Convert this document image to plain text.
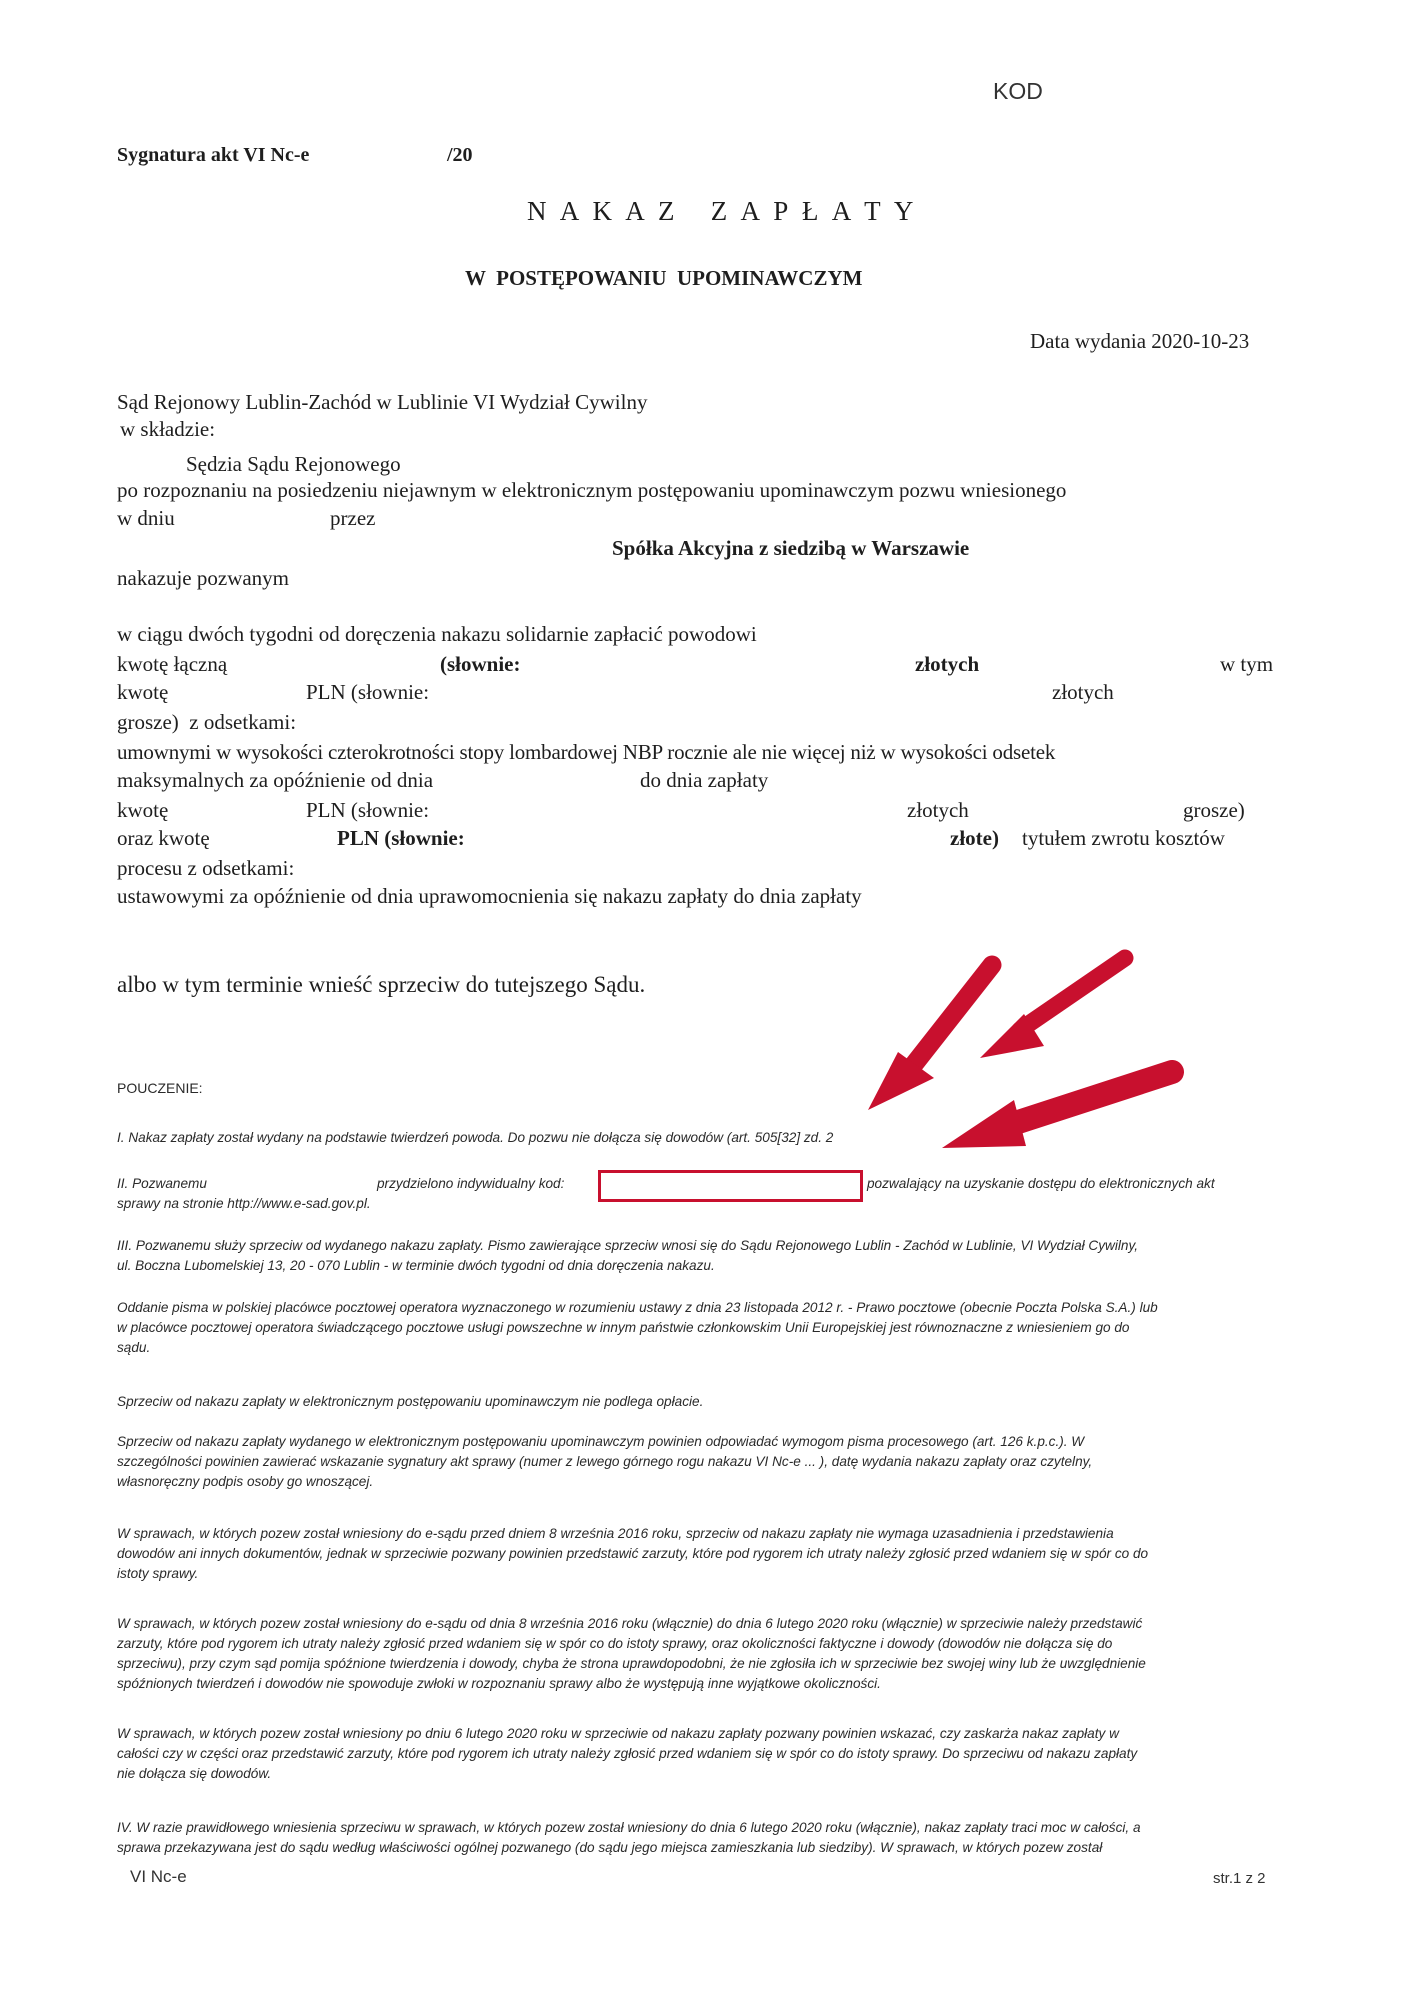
KOD
Sygnatura akt VI Nc-e	/20
N A K A Z   Z A P Ł A T Y
W  POSTĘPOWANIU  UPOMINAWCZYM
Data wydania 2020-10-23
Sąd Rejonowy Lublin-Zachód w Lublinie VI Wydział Cywilny
w składzie:
Sędzia Sądu Rejonowego
po rozpoznaniu na posiedzeniu niejawnym w elektronicznym postępowaniu upominawczym pozwu wniesionego
w dniu	przez
Spółka Akcyjna z siedzibą w Warszawie
nakazuje pozwanym
w ciągu dwóch tygodni od doręczenia nakazu solidarnie zapłacić powodowi
kwotę łączną	(słownie:	złotych	w tym
kwotę	PLN (słownie:	złotych
grosze)  z odsetkami:
umownymi w wysokości czterokrotności stopy lombardowej NBP rocznie ale nie więcej niż w wysokości odsetek
maksymalnych za opóźnienie od dnia	do dnia zapłaty
kwotę	PLN (słownie:	złotych	grosze)
oraz kwotę	PLN (słownie:	złote) tytułem zwrotu kosztów
procesu z odsetkami:
ustawowymi za opóźnienie od dnia uprawomocnienia się nakazu zapłaty do dnia zapłaty
albo w tym terminie wnieść sprzeciw do tutejszego Sądu.
POUCZENIE:

I. Nakaz zapłaty został wydany na podstawie twierdzeń powoda. Do pozwu nie dołącza się dowodów (art. 505[32] zd. 2

II. Pozwanemu	przydzielono indywidualny kod:	pozwalający na uzyskanie dostępu do elektronicznych akt

sprawy na stronie http://www.e-sad.gov.pl.

III. Pozwanemu służy sprzeciw od wydanego nakazu zapłaty. Pismo zawierające sprzeciw wnosi się do Sądu Rejonowego Lublin - Zachód w Lublinie, VI Wydział Cywilny,

ul. Boczna Lubomelskiej 13, 20 - 070 Lublin - w terminie dwóch tygodni od dnia doręczenia nakazu.

Oddanie pisma w polskiej placówce pocztowej operatora wyznaczonego w rozumieniu ustawy z dnia 23 listopada 2012 r. - Prawo pocztowe (obecnie Poczta Polska S.A.) lub

w placówce pocztowej operatora świadczącego pocztowe usługi powszechne w innym państwie członkowskim Unii Europejskiej jest równoznaczne z wniesieniem go do

sądu.

Sprzeciw od nakazu zapłaty w elektronicznym postępowaniu upominawczym nie podlega opłacie.

Sprzeciw od nakazu zapłaty wydanego w elektronicznym postępowaniu upominawczym powinien odpowiadać wymogom pisma procesowego (art. 126 k.p.c.). W

szczególności powinien zawierać wskazanie sygnatury akt sprawy (numer z lewego górnego rogu nakazu VI Nc-e ... ), datę wydania nakazu zapłaty oraz czytelny,

własnoręczny podpis osoby go wnoszącej.

W sprawach, w których pozew został wniesiony do e-sądu przed dniem 8 września 2016 roku, sprzeciw od nakazu zapłaty nie wymaga uzasadnienia i przedstawienia

dowodów ani innych dokumentów, jednak w sprzeciwie pozwany powinien przedstawić zarzuty, które pod rygorem ich utraty należy zgłosić przed wdaniem się w spór co do

istoty sprawy.

W sprawach, w których pozew został wniesiony do e-sądu od dnia 8 września 2016 roku (włącznie) do dnia 6 lutego 2020 roku (włącznie) w sprzeciwie należy przedstawić

zarzuty, które pod rygorem ich utraty należy zgłosić przed wdaniem się w spór co do istoty sprawy, oraz okoliczności faktyczne i dowody (dowodów nie dołącza się do

sprzeciwu), przy czym sąd pomija spóźnione twierdzenia i dowody, chyba że strona uprawdopodobni, że nie zgłosiła ich w sprzeciwie bez swojej winy lub że uwzględnienie

spóźnionych twierdzeń i dowodów nie spowoduje zwłoki w rozpoznaniu sprawy albo że występują inne wyjątkowe okoliczności.

W sprawach, w których pozew został wniesiony po dniu 6 lutego 2020 roku w sprzeciwie od nakazu zapłaty pozwany powinien wskazać, czy zaskarża nakaz zapłaty w

całości czy w części oraz przedstawić zarzuty, które pod rygorem ich utraty należy zgłosić przed wdaniem się w spór co do istoty sprawy. Do sprzeciwu od nakazu zapłaty

nie dołącza się dowodów.

IV. W razie prawidłowego wniesienia sprzeciwu w sprawach, w których pozew został wniesiony do dnia 6 lutego 2020 roku (włącznie), nakaz zapłaty traci moc w całości, a

sprawa przekazywana jest do sądu według właściwości ogólnej pozwanego (do sądu jego miejsca zamieszkania lub siedziby). W sprawach, w których pozew został

VI Nc-e	str.1 z 2
